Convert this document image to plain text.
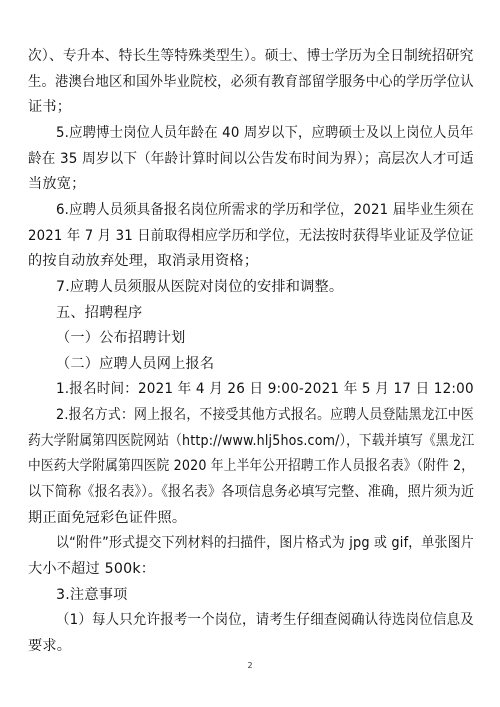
次）、专升本、特长生等特殊类型生）。硕士、博士学历为全日制统招研究
生。港澳台地区和国外毕业院校，必须有教育部留学服务中心的学历学位认
证书；
5.应聘博士岗位人员年龄在 40 周岁以下，应聘硕士及以上岗位人员年
龄在 35 周岁以下（年龄计算时间以公告发布时间为界）；高层次人才可适
当放宽；
6.应聘人员须具备报名岗位所需求的学历和学位，2021 届毕业生须在
2021 年 7 月 31 日前取得相应学历和学位，无法按时获得毕业证及学位证
的按自动放弃处理，取消录用资格；
7.应聘人员须服从医院对岗位的安排和调整。
五、招聘程序
（一）公布招聘计划
（二）应聘人员网上报名
1.报名时间：2021 年 4 月 26 日 9:00-2021 年 5 月 17 日 12:00
2.报名方式：网上报名，不接受其他方式报名。应聘人员登陆黑龙江中医
药大学附属第四医院网站（http://www.hlj5hos.com/），下载并填写《黑龙江
中医药大学附属第四医院 2020 年上半年公开招聘工作人员报名表》（附件 2，
以下简称《报名表》）。《报名表》各项信息务必填写完整、准确，照片须为近
期正面免冠彩色证件照。
以“附件”形式提交下列材料的扫描件，图片格式为 jpg 或 gif，单张图片
大小不超过 500k：
3.注意事项
（1）每人只允许报考一个岗位，请考生仔细查阅确认待选岗位信息及
要求。
2
